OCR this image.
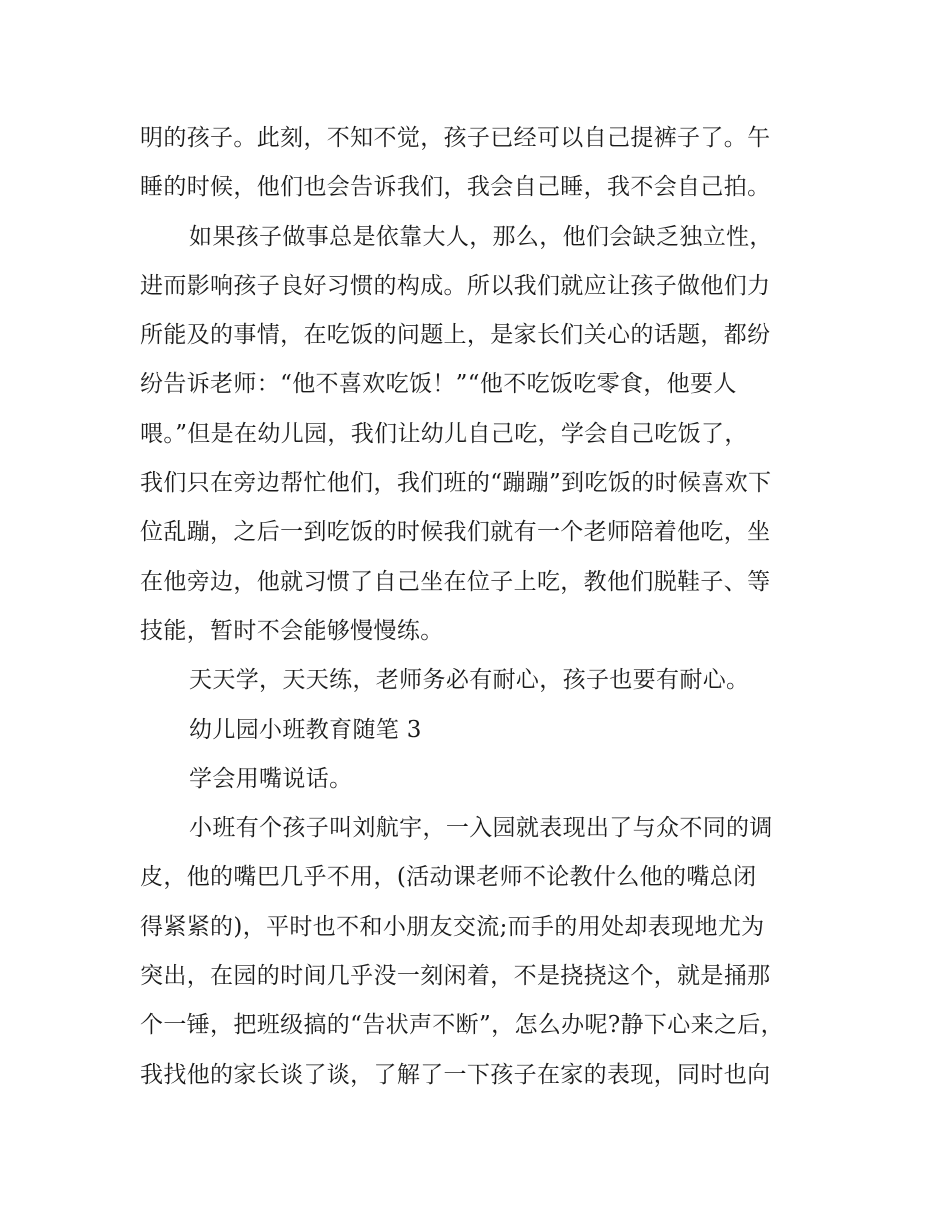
明的孩子。此刻，不知不觉，孩子已经可以自己提裤子了。午
睡的时候，他们也会告诉我们，我会自己睡，我不会自己拍。
如果孩子做事总是依靠大人，那么，他们会缺乏独立性，
进而影响孩子良好习惯的构成。所以我们就应让孩子做他们力
所能及的事情，在吃饭的问题上，是家长们关心的话题，都纷
纷告诉老师：“他不喜欢吃饭！”“他不吃饭吃零食，他要人
喂。”但是在幼儿园，我们让幼儿自己吃，学会自己吃饭了，
我们只在旁边帮忙他们，我们班的“蹦蹦”到吃饭的时候喜欢下
位乱蹦，之后一到吃饭的时候我们就有一个老师陪着他吃，坐
在他旁边，他就习惯了自己坐在位子上吃，教他们脱鞋子、等
技能，暂时不会能够慢慢练。
天天学，天天练，老师务必有耐心，孩子也要有耐心。
幼儿园小班教育随笔 3
学会用嘴说话。
小班有个孩子叫刘航宇，一入园就表现出了与众不同的调
皮，他的嘴巴几乎不用，(活动课老师不论教什么他的嘴总闭
得紧紧的)，平时也不和小朋友交流;而手的用处却表现地尤为
突出，在园的时间几乎没一刻闲着，不是挠挠这个，就是捅那
个一锤，把班级搞的“告状声不断”，怎么办呢?静下心来之后，
我找他的家长谈了谈，了解了一下孩子在家的表现，同时也向
